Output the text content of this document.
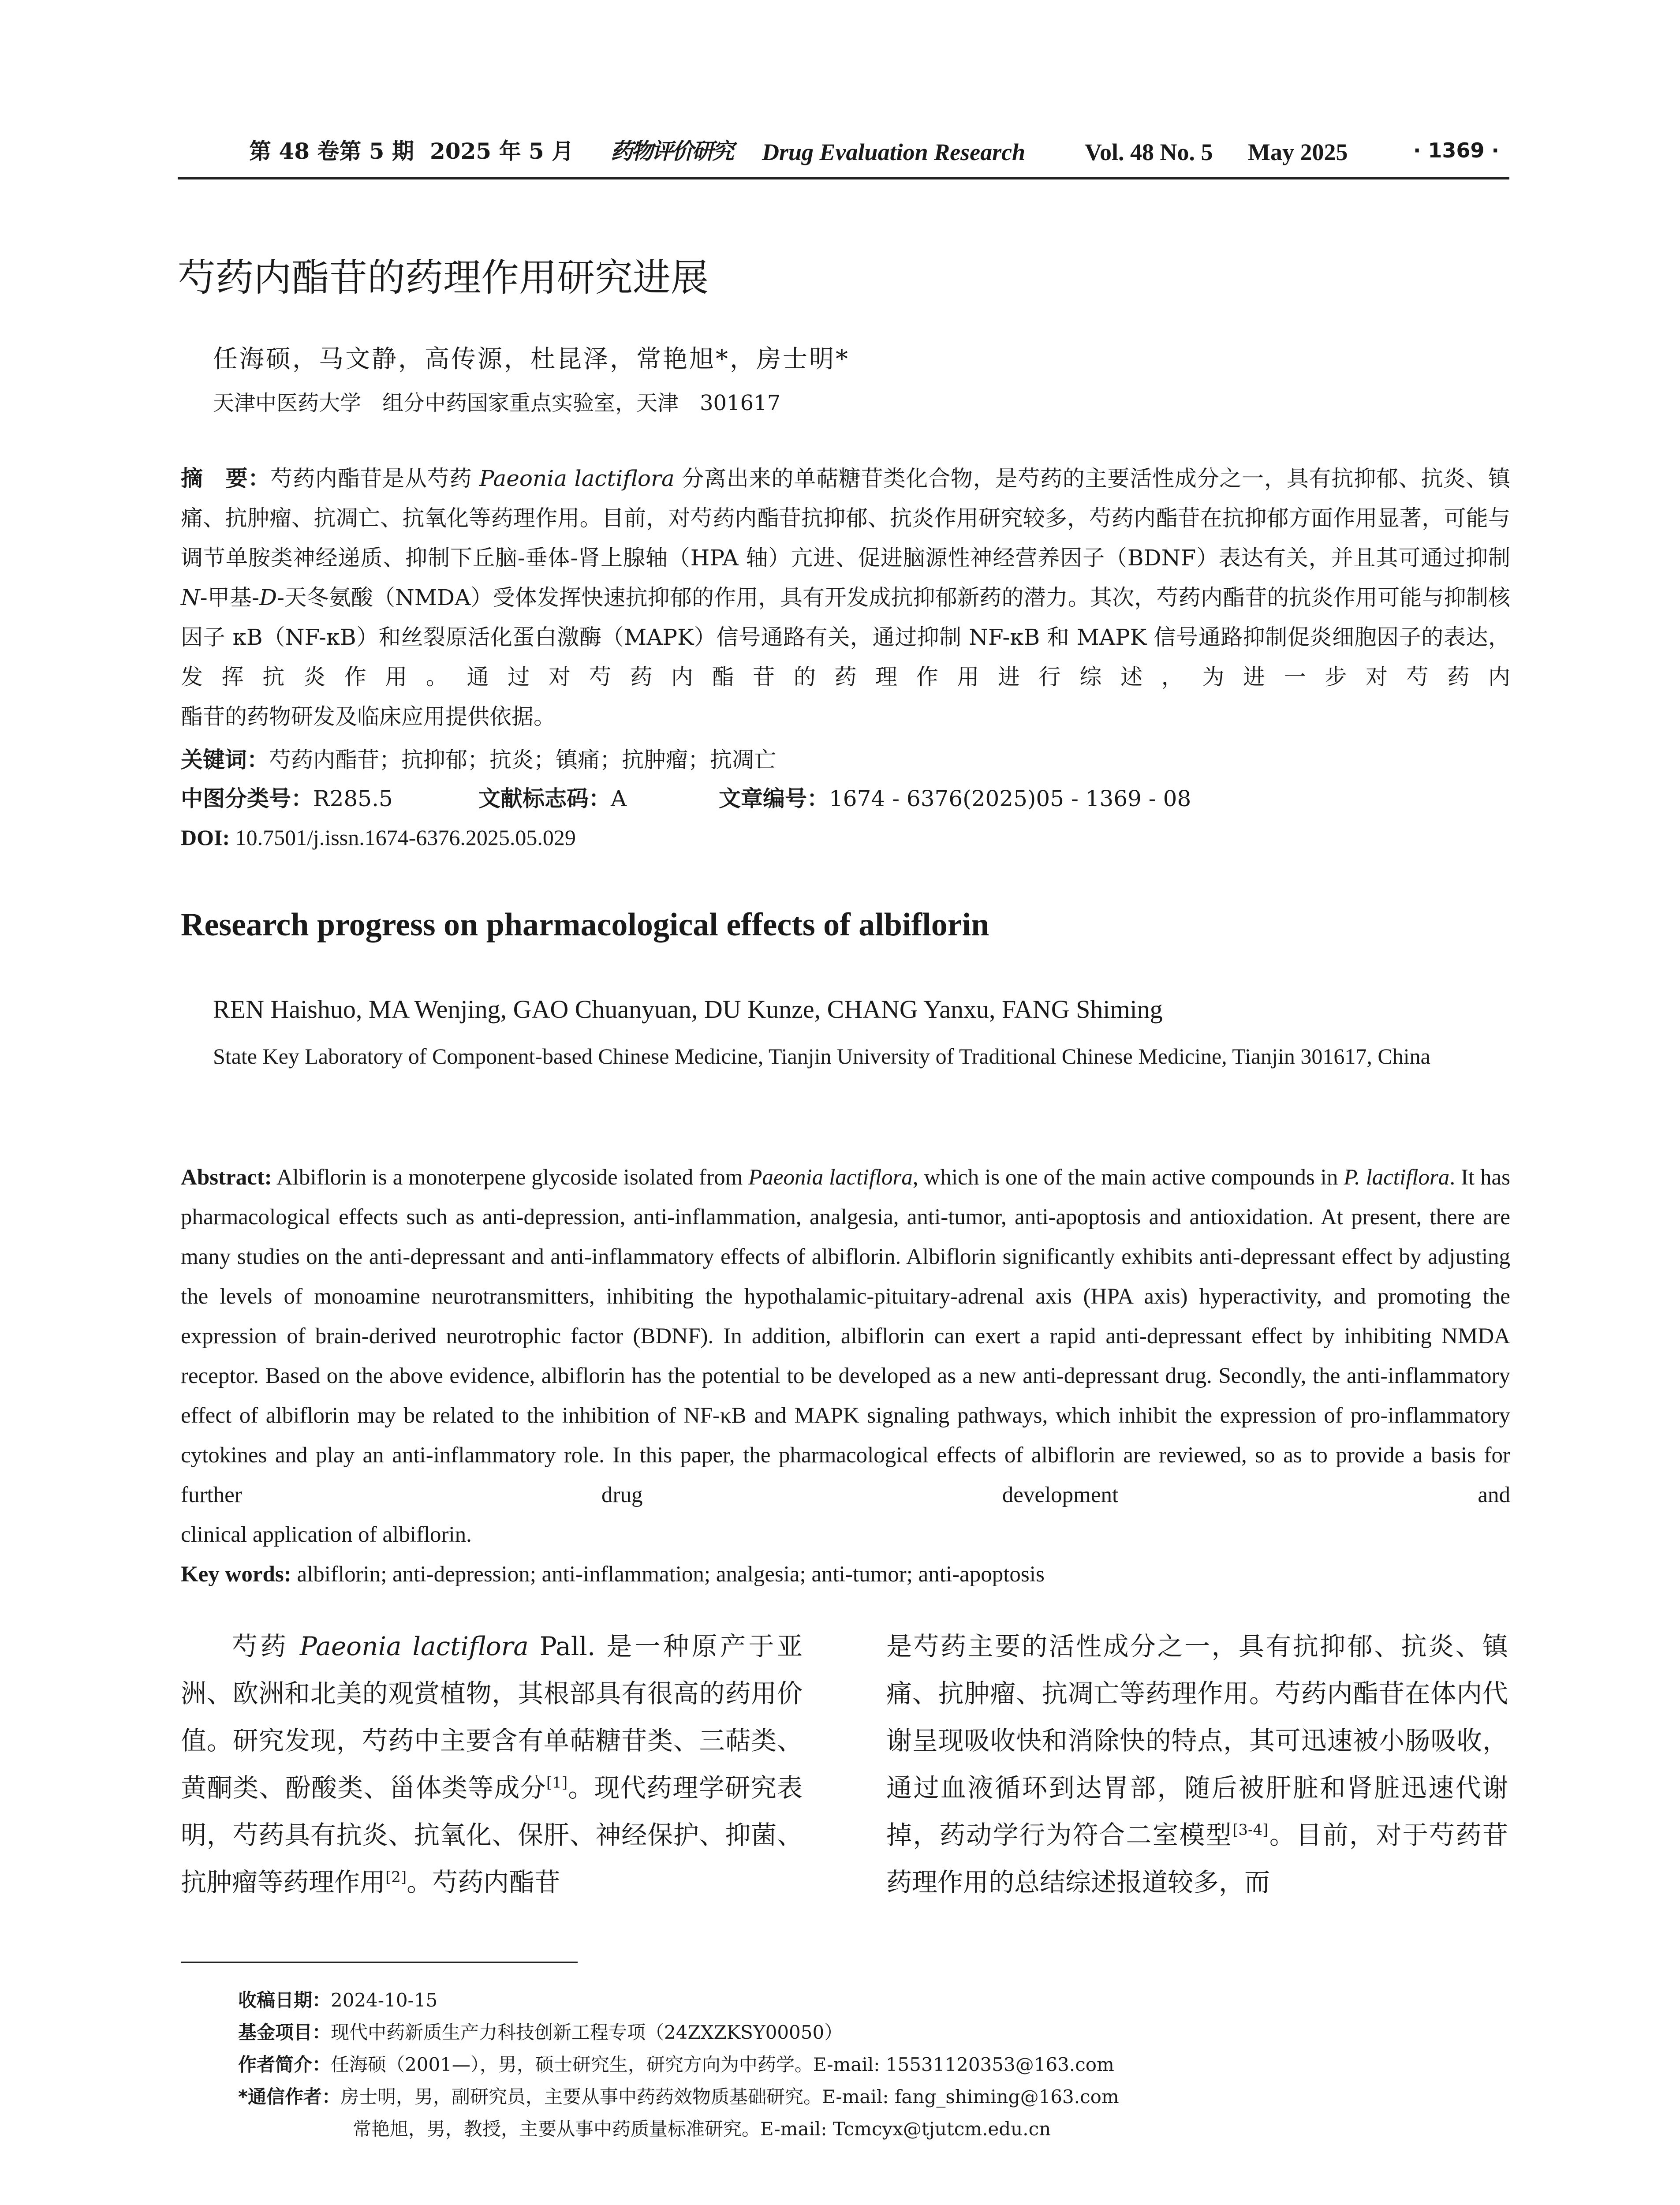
第 48 卷第 5 期 2025 年 5 月 药物评价研究 Drug Evaluation Research Vol. 48 No. 5 May 2025	· 1369 ·
芍药内酯苷的药理作用研究进展
任海硕，马文静，高传源，杜昆泽，常艳旭*，房士明*
天津中医药大学　组分中药国家重点实验室，天津　301617
摘　要：芍药内酯苷是从芍药 Paeonia lactiflora 分离出来的单萜糖苷类化合物，是芍药的主要活性成分之一，具有抗抑郁、抗炎、镇痛、抗肿瘤、抗凋亡、抗氧化等药理作用。目前，对芍药内酯苷抗抑郁、抗炎作用研究较多，芍药内酯苷在抗抑郁方面作用显著，可能与调节单胺类神经递质、抑制下丘脑-垂体-肾上腺轴（HPA 轴）亢进、促进脑源性神经营养因子（BDNF）表达有关，并且其可通过抑制 N-甲基-D-天冬氨酸（NMDA）受体发挥快速抗抑郁的作用，具有开发成抗抑郁新药的潜力。其次，芍药内酯苷的抗炎作用可能与抑制核因子 κB（NF-κB）和丝裂原活化蛋白激酶（MAPK）信号通路有关，通过抑制 NF-κB 和 MAPK 信号通路抑制促炎细胞因子的表达，发挥抗炎作用。通过对芍药内酯苷的药理作用进行综述，为进一步对芍药内
酯苷的药物研发及临床应用提供依据。
关键词：芍药内酯苷；抗抑郁；抗炎；镇痛；抗肿瘤；抗凋亡
中图分类号：R285.5	文献标志码：A	文章编号：1674 - 6376(2025)05 - 1369 - 08
DOI: 10.7501/j.issn.1674-6376.2025.05.029
Research progress on pharmacological effects of albiflorin
REN Haishuo, MA Wenjing, GAO Chuanyuan, DU Kunze, CHANG Yanxu, FANG Shiming
State Key Laboratory of Component-based Chinese Medicine, Tianjin University of Traditional Chinese Medicine, Tianjin 301617, China
Abstract: Albiflorin is a monoterpene glycoside isolated from Paeonia lactiflora, which is one of the main active compounds in P. lactiflora. It has pharmacological effects such as anti-depression, anti-inflammation, analgesia, anti-tumor, anti-apoptosis and antioxidation. At present, there are many studies on the anti-depressant and anti-inflammatory effects of albiflorin. Albiflorin significantly exhibits anti-depressant effect by adjusting the levels of monoamine neurotransmitters, inhibiting the hypothalamic-pituitary-adrenal axis (HPA axis) hyperactivity, and promoting the expression of brain-derived neurotrophic factor (BDNF). In addition, albiflorin can exert a rapid anti-depressant effect by inhibiting NMDA receptor. Based on the above evidence, albiflorin has the potential to be developed as a new anti-depressant drug. Secondly, the anti-inflammatory effect of albiflorin may be related to the inhibition of NF-κB and MAPK signaling pathways, which inhibit the expression of pro-inflammatory cytokines and play an anti-inflammatory role. In this paper, the pharmacological effects of albiflorin are reviewed, so as to provide a basis for further drug development and
clinical application of albiflorin.
Key words: albiflorin; anti-depression; anti-inflammation; analgesia; anti-tumor; anti-apoptosis
芍药 Paeonia lactiflora Pall. 是一种原产于亚洲、欧洲和北美的观赏植物，其根部具有很高的药用价值。研究发现，芍药中主要含有单萜糖苷类、三萜类、黄酮类、酚酸类、甾体类等成分[1]。现代药理学研究表明，芍药具有抗炎、抗氧化、保肝、神经保护、抑菌、抗肿瘤等药理作用[2]。芍药内酯苷
是芍药主要的活性成分之一，具有抗抑郁、抗炎、镇痛、抗肿瘤、抗凋亡等药理作用。芍药内酯苷在体内代谢呈现吸收快和消除快的特点，其可迅速被小肠吸收，通过血液循环到达胃部，随后被肝脏和肾脏迅速代谢掉，药动学行为符合二室模型[3-4]。目前，对于芍药苷药理作用的总结综述报道较多，而
收稿日期：2024-10-15
基金项目：现代中药新质生产力科技创新工程专项（24ZXZKSY00050）
作者简介：任海硕（2001—），男，硕士研究生，研究方向为中药学。E-mail: 15531120353@163.com
*通信作者：房士明，男，副研究员，主要从事中药药效物质基础研究。E-mail: fang_shiming@163.com
常艳旭，男，教授，主要从事中药质量标准研究。E-mail: Tcmcyx@tjutcm.edu.cn
